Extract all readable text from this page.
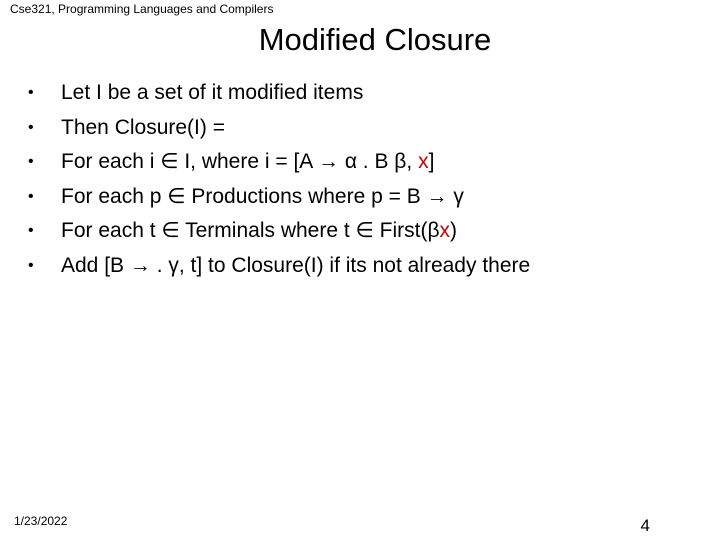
Cse321, Programming Languages and Compilers
Modified Closure
• Let I be a set of it modified items
• Then Closure(I) =
• For each i ∈ I, where i = [A → α . B β, x]
• For each p ∈ Productions where p = B → γ
• For each t ∈ Terminals where t ∈ First(βx)
• Add [B → . γ, t] to Closure(I) if its not already there
1/23/2022	4
